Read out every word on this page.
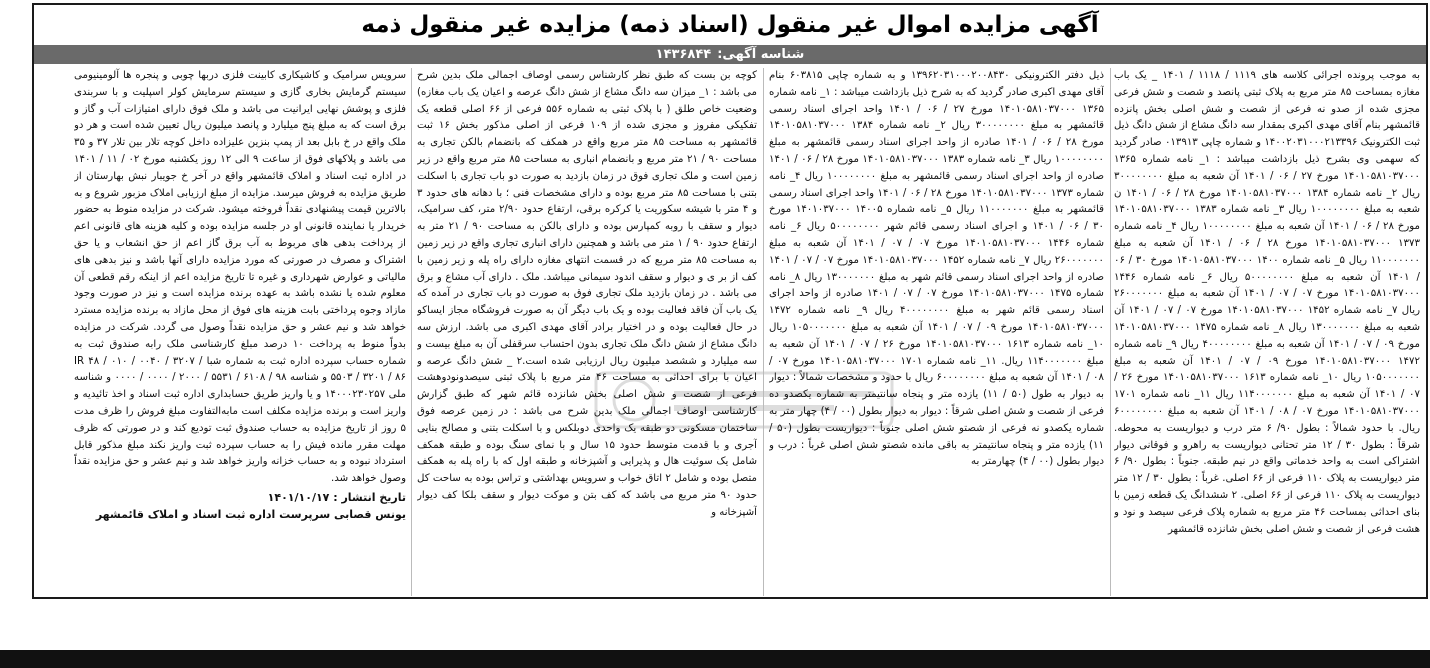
آگهی مزایده اموال غیر منقول (اسناد ذمه) مزایده غیر منقول ذمه
شناسه آگهی:
۱۴۳۶۸۴۴

به موجب پرونده اجرائی کلاسه های ۱۱۱۹ / ۱۱۱۸ / ۱۴۰۱ _ یک باب مغازه بمساحت ۸۵ متر مربع به پلاک ثبتی پانصد و شصت و شش فرعی مجزی شده از صدو نه فرعی از شصت و شش اصلی بخش پانزده قائمشهر بنام آقای مهدی اکبری بمقدار سه دانگ مشاع از شش دانگ ذیل ثبت الکترونیک ۱۴۰۰۲۰۳۱۰۰۰۲۱۳۳۹۶ و شماره چاپی ۰۱۳۹۱۳ صادر گردید که سهمی وی بشرح ذیل بازداشت میباشد : ۱_ نامه شماره ۱۳۶۵ ۱۴۰۱۰۵۸۱۰۳۷۰۰۰ مورخ ۲۷ / ۰۶ / ۱۴۰۱ آن شعبه به مبلغ ۳۰۰۰۰۰۰۰۰ ریال ۲_ نامه شماره ۱۳۸۴ ۱۴۰۱۰۵۸۱۰۳۷۰۰۰ مورخ ۲۸ / ۰۶ / ۱۴۰۱ ن شعبه به مبلغ ۱۰۰۰۰۰۰۰۰ ریال ۳_ نامه شماره ۱۳۸۳ ۱۴۰۱۰۵۸۱۰۳۷۰۰۰ مورخ ۲۸ / ۰۶ / ۱۴۰۱ آن شعبه به مبلغ ۱۰۰۰۰۰۰۰۰ ریال ۴_ نامه شماره ۱۳۷۳ ۱۴۰۱۰۵۸۱۰۳۷۰۰۰ مورخ ۲۸ / ۰۶ / ۱۴۰۱ آن شعبه به مبلغ ۱۱۰۰۰۰۰۰۰ ریال ۵_ نامه شماره ۱۴۰۰ ۱۴۰۱۰۵۸۱۰۳۷۰۰۰ مورخ ۳۰ / ۰۶ / ۱۴۰۱ آن شعبه به مبلغ ۵۰۰۰۰۰۰۰۰ ریال ۶_ نامه شماره ۱۴۴۶ ۱۴۰۱۰۵۸۱۰۳۷۰۰۰ مورخ ۰۷ / ۰۷ / ۱۴۰۱ آن شعبه به مبلغ ۲۶۰۰۰۰۰۰۰ ریال ۷_ نامه شماره ۱۴۵۲ ۱۴۰۱۰۵۸۱۰۳۷۰۰۰ مورخ ۰۷ / ۰۷ / ۱۴۰۱ آن شعبه به مبلغ ۱۳۰۰۰۰۰۰۰ ریال ۸_ نامه شماره ۱۴۷۵ ۱۴۰۱۰۵۸۱۰۳۷۰۰۰ مورخ ۰۹ / ۰۷ / ۱۴۰۱ آن شعبه به مبلغ ۴۰۰۰۰۰۰۰۰ ریال ۹_ نامه شماره ۱۴۷۲ ۱۴۰۱۰۵۸۱۰۳۷۰۰۰ مورخ ۰۹ / ۰۷ / ۱۴۰۱ آن شعبه به مبلغ ۱۰۵۰۰۰۰۰۰۰ ریال ۱۰_ نامه شماره ۱۶۱۳ ۱۴۰۱۰۵۸۱۰۳۷۰۰۰ مورخ ۲۶ / ۰۷ / ۱۴۰۱ آن شعبه به مبلغ ۱۱۴۰۰۰۰۰۰۰ ریال ۱۱_ نامه شماره ۱۷۰۱ ۱۴۰۱۰۵۸۱۰۳۷۰۰۰ مورخ ۰۷ / ۰۸ / ۱۴۰۱ آن شعبه به مبلغ ۶۰۰۰۰۰۰۰۰ ریال. با حدود شمالاً : بطول ۹۰/ ۶ متر درب و دیواریست به محوطه. شرقاً : بطول ۳۰ / ۱۲ متر تحتانی دیواریست به راهرو و فوقانی دیوار اشتراکی است به واحد خدماتی واقع در نیم طبقه. جنوباً : بطول ۹۰/ ۶ متر دیواریست به پلاک ۱۱۰ فرعی از ۶۶ اصلی. غرباً : بطول ۳۰ / ۱۲ متر دیواریست به پلاک ۱۱۰ فرعی از ۶۶ اصلی. ۲ ششدانگ یک قطعه زمین با بنای احداثی بمساحت ۴۶ متر مربع به شماره پلاک فرعی سیصد و نود و هشت فرعی از شصت و شش اصلی بخش شانزده قائمشهر

ذیل دفتر الکترونیکی ۱۳۹۶۲۰۳۱۰۰۰۲۰۰۸۴۳۰ و به شماره چاپی ۶۰۳۸۱۵ بنام آقای مهدی اکبری صادر گردید که به شرح ذیل بازداشت میباشد : ۱_ نامه شماره ۱۳۶۵ ۱۴۰۱۰۵۸۱۰۳۷۰۰۰ مورخ ۲۷ / ۰۶ / ۱۴۰۱ واحد اجرای اسناد رسمی قائمشهر به مبلغ ۳۰۰۰۰۰۰۰۰ ریال ۲_ نامه شماره ۱۳۸۴ ۱۴۰۱۰۵۸۱۰۳۷۰۰۰ مورخ ۲۸ / ۰۶ / ۱۴۰۱ صادره از واحد اجرای اسناد رسمی قائمشهر به مبلغ ۱۰۰۰۰۰۰۰۰ ریال ۳_ نامه شماره ۱۳۸۳ ۱۴۰۱۰۵۸۱۰۳۷۰۰۰ مورخ ۲۸ / ۰۶ / ۱۴۰۱ صادره از واحد اجرای اسناد رسمی قائمشهر به مبلغ ۱۰۰۰۰۰۰۰۰ ریال ۴_ نامه شماره ۱۳۷۳ ۱۴۰۱۰۵۸۱۰۳۷۰۰۰ مورخ ۲۸ / ۰۶ / ۱۴۰۱ واحد اجرای اسناد رسمی قائمشهر به مبلغ ۱۱۰۰۰۰۰۰۰ ریال ۵_ نامه شماره ۱۴۰۰۵ ۱۴۰۱۰۳۷۰۰۰ مورخ ۳۰ / ۰۶ / ۱۴۰۱ و اجرای اسناد رسمی قائم شهر ۵۰۰۰۰۰۰۰۰ ریال ۶_ نامه شماره ۱۴۴۶ ۱۴۰۱۰۵۸۱۰۳۷۰۰۰ مورخ ۰۷ / ۰۷ / ۱۴۰۱ آن شعبه به مبلغ ۲۶۰۰۰۰۰۰۰ ریال ۷_ نامه شماره ۱۴۵۲ ۱۴۰۱۰۵۸۱۰۳۷۰۰۰ مورخ ۰۷ / ۰۷ / ۱۴۰۱ صادره از واحد اجرای اسناد رسمی قائم شهر به مبلغ ۱۳۰۰۰۰۰۰۰ ریال ۸_ نامه شماره ۱۴۷۵ ۱۴۰۱۰۵۸۱۰۳۷۰۰۰ مورخ ۰۷ / ۰۷ / ۱۴۰۱ صادره از واحد اجرای اسناد رسمی قائم شهر به مبلغ ۴۰۰۰۰۰۰۰۰ ریال ۹_ نامه شماره ۱۴۷۲ ۱۴۰۱۰۵۸۱۰۳۷۰۰۰ مورخ ۰۹ / ۰۷ / ۱۴۰۱ آن شعبه به مبلغ ۱۰۵۰۰۰۰۰۰۰ ریال ۱۰_ نامه شماره ۱۶۱۳ ۱۴۰۱۰۵۸۱۰۳۷۰۰۰ مورخ ۲۶ / ۰۷ / ۱۴۰۱ آن شعبه به مبلغ ۱۱۴۰۰۰۰۰۰۰ ریال. ۱۱_ نامه شماره ۱۷۰۱ ۱۴۰۱۰۵۸۱۰۳۷۰۰۰ مورخ ۰۷ / ۰۸ / ۱۴۰۱ آن شعبه به مبلغ ۶۰۰۰۰۰۰۰۰ ریال با حدود و مشخصات شمالاً : دیوار به دیوار به طول (۵۰ / ۱۱) یازده متر و پنجاه سانتیمتر به شماره یکصدو ده فرعی از شصت و شش اصلی شرقاً : دیوار به دیوار بطول (۰۰ / ۴) چهار متر به شماره یکصدو نه فرعی از شصتو شش اصلی جنوباً : دیواریست بطول (۵۰ / ۱۱) یازده متر و پنجاه سانتیمتر به باقی مانده شصتو شش اصلی غرباً : درب و دیوار بطول (۰۰ / ۴) چهارمتر به

کوچه بن بست که طبق نظر کارشناس رسمی اوصاف اجمالی ملک بدین شرح می باشد : ۱_ میزان سه دانگ مشاع از شش دانگ عرصه و اعیان یک باب مغازه) وضعیت خاص طلق ( با پلاک ثبتی به شماره ۵۵۶ فرعی از ۶۶ اصلی قطعه یک تفکیکی مفروز و مجزی شده از ۱۰۹ فرعی از اصلی مذکور بخش ۱۶ ثبت قائمشهر به مساحت ۸۵ متر مربع واقع در همکف که بانضمام بالکن تجاری به مساحت ۹۰ / ۲۱ متر مربع و بانضمام انباری به مساحت ۸۵ متر مربع واقع در زیر زمین است و ملک تجاری فوق در زمان بازدید به صورت دو باب تجاری با اسکلت بتنی با مساحت ۸۵ متر مربع بوده و دارای مشخصات فنی ؛ با دهانه های حدود ۳ و ۴ متر با شیشه سکوریت یا کرکره برقی، ارتفاع حدود ۲/۹۰ متر، کف سرامیک، دیوار و سقف با روبه کمپارس بوده و دارای بالکن به مساحت ۹۰ / ۲۱ متر به ارتفاع حدود ۹۰ / ۱ متر می باشد و همچنین دارای انباری تجاری واقع در زیر زمین به مساحت ۸۵ متر مربع که در قسمت انتهای مغازه دارای راه پله و زیر زمین با کف از بر ی و دیوار و سقف اندود سیمانی میباشد. ملک . دارای آب مشاع و برق می باشد . در زمان بازدید ملک تجاری فوق به صورت دو باب تجاری در آمده که یک باب آن فاقد فعالیت بوده و یک باب دیگر آن به صورت فروشگاه مجاز ایساکو در حال فعالیت بوده و در اختیار برادر آقای مهدی اکبری می باشد. ارزش سه دانگ مشاع از شش دانگ ملک تجاری بدون احتساب سرقفلی آن به مبلغ بیست و سه میلیارد و ششصد میلیون ریال ارزیابی شده است.۲ _ شش دانگ عرصه و اعیان با برای احداثی به مساحت ۴۶ متر مربع با پلاک ثبتی سیصدونودوهشت فرعی از شصت و شش اصلی بخش شانزده قائم شهر که طبق گزارش کارشناسی اوصاف اجمالی ملک بدین شرح می باشد : در زمین عرصه فوق ساختمان مسکونی دو طبقه یک واحدی دوبلکس و با اسکلت بتنی و مصالح بنایی آجری و با قدمت متوسط حدود ۱۵ سال و با نمای سنگ بوده و طبقه همکف شامل یک سوئیت هال و پذیرایی و آشپزخانه و طبقه اول که با راه پله به همکف متصل بوده و شامل ۲ اتاق خواب و سرویس بهداشتی و تراس بوده به ساحت کل حدود ۹۰ متر مربع می باشد که کف بتن و موکت دیوار و سقف بلکا کف دیوار آشپزخانه و

سرویس سرامیک و کاشیکاری کابینت فلزی دربها چوبی و پنجره ها آلومینیومی سیستم گرمایش بخاری گازی و سیستم سرمایش کولر اسپلیت و با سربندی فلزی و پوشش نهایی ایرانیت می باشد و ملک فوق دارای امتیازات آب و گاز و برق است که به مبلغ پنج میلیارد و پانصد میلیون ریال تعیین شده است و هر دو ملک واقع در خ بابل بعد از پمپ بنزین علیزاده داخل کوچه تلار بین تلار ۳۷ و ۳۵ می باشد و پلاکهای فوق از ساعت ۹ الی ۱۲ روز یکشنبه مورخ ۰۲ / ۱۱ / ۱۴۰۱ در اداره ثبت اسناد و املاک قائمشهر واقع در آخر خ جویبار نبش بهارستان از طریق مزایده به فروش میرسد. مزایده از مبلغ ارزیابی املاک مزبور شروع و به بالاترین قیمت پیشنهادی نقداً فروخته میشود. شرکت در مزایده منوط به حضور خریدار یا نماینده قانونی او در جلسه مزایده بوده و کلیه هزینه های قانونی اعم از پرداخت بدهی های مربوط به آب برق گاز اعم از حق انشعاب و یا حق اشتراک و مصرف در صورتی که مورد مزایده دارای آنها باشد و نیز بدهی های مالیاتی و عوارض شهرداری و غیره تا تاریخ مزایده اعم از اینکه رقم قطعی آن معلوم شده یا نشده باشد به عهده برنده مزایده است و نیز در صورت وجود مازاد وجوه پرداختی بابت هزینه های فوق از محل مازاد به برنده مزایده مسترد خواهد شد و نیم عشر و حق مزایده نقداً وصول می گردد. شرکت در مزایده بدواً منوط به پرداخت ۱۰ درصد مبلغ کارشناسی ملک رابه صندوق ثبت به شماره حساب سپرده اداره ثبت به شماره شبا IR ۴۸ / ۰۱۰ / ۰۰۴۰ / ۳۲۰۷ / ۵۵۰۳ / ۳۲۰۱ / ۸۶ و شناسه ۹۸ / ۶۱۰۸ / ۵۵۳۱ / ۲۰۰۰ / ۰۰۰۰ / ۰۰۰۰ و شناسه ملی ۱۴۰۰۰۲۳۰۲۵۷ و یا واریز طریق حسابداری اداره ثبت اسناد و اخذ تائیدیه و واریز است و برنده مزایده مکلف است مابه‌التفاوت مبلغ فروش را ظرف مدت ۵ روز از تاریخ مزایده به حساب صندوق ثبت تودیع کند و در صورتی که ظرف مهلت مقرر مانده فیش را به حساب سپرده ثبت واریز نکند مبلغ مذکور قابل استرداد نبوده و به حساب خزانه واریز خواهد شد و نیم عشر و حق مزایده نقداً وصول خواهد شد.

تاریخ انتشار : ۱۴۰۱/۱۰/۱۷
یونس قصابی سرپرست اداره ثبت اسناد و املاک قائمشهر
